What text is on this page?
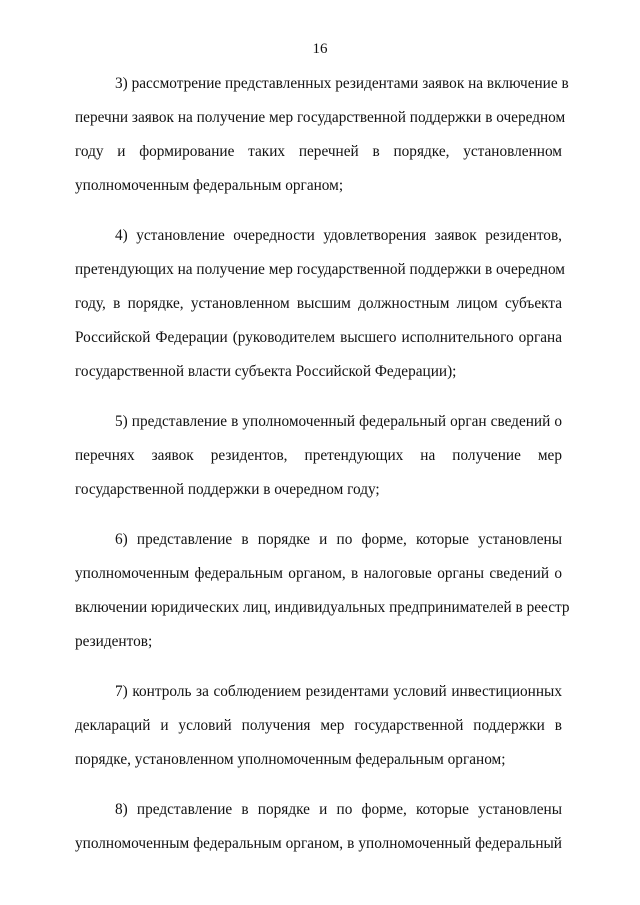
16
3) рассмотрение представленных резидентами заявок на включение в
перечни заявок на получение мер государственной поддержки в очередном
году и формирование таких перечней в порядке, установленном
уполномоченным федеральным органом;
4) установление очередности удовлетворения заявок резидентов,
претендующих на получение мер государственной поддержки в очередном
году, в порядке, установленном высшим должностным лицом субъекта
Российской Федерации (руководителем высшего исполнительного органа
государственной власти субъекта Российской Федерации);
5) представление в уполномоченный федеральный орган сведений о
перечнях заявок резидентов, претендующих на получение мер
государственной поддержки в очередном году;
6) представление в порядке и по форме, которые установлены
уполномоченным федеральным органом, в налоговые органы сведений о
включении юридических лиц, индивидуальных предпринимателей в реестр
резидентов;
7) контроль за соблюдением резидентами условий инвестиционных
деклараций и условий получения мер государственной поддержки в
порядке, установленном уполномоченным федеральным органом;
8) представление в порядке и по форме, которые установлены
уполномоченным федеральным органом, в уполномоченный федеральный
